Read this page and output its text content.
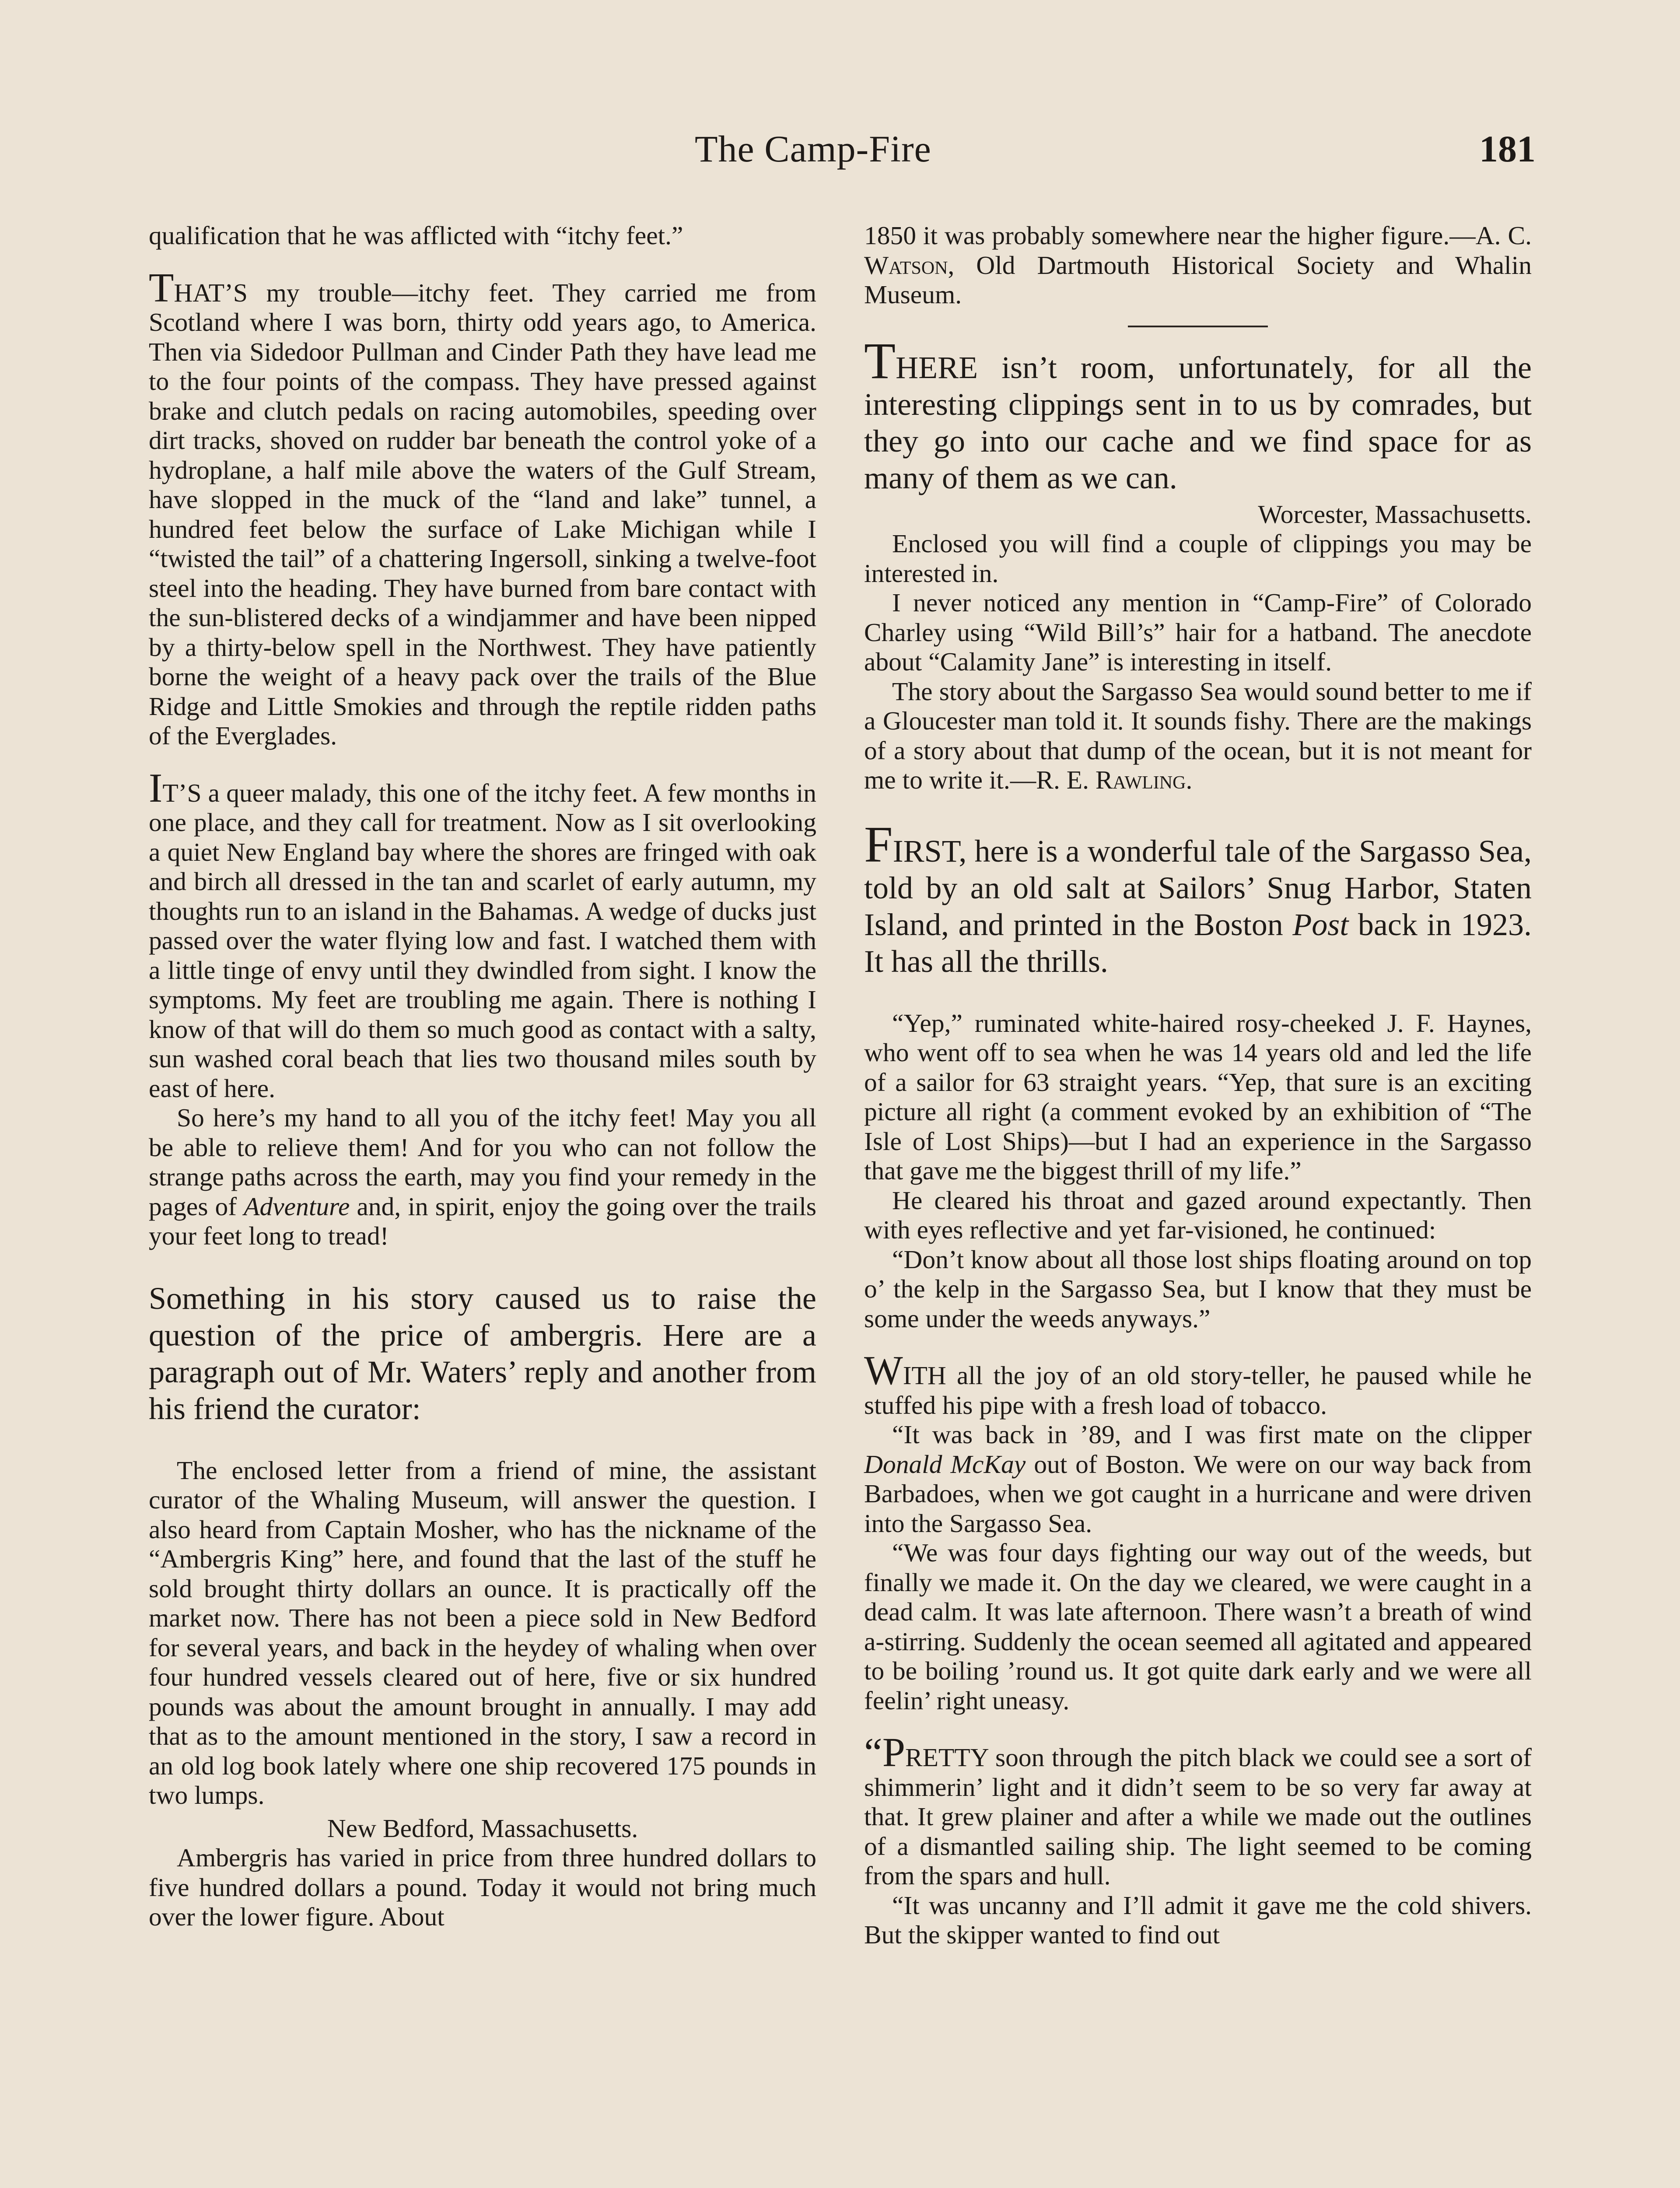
The Camp-Fire	181

qualification that he was afflicted with “itchy feet.”

THAT’S my trouble—itchy feet. They carried me from Scotland where I was born, thirty odd years ago, to America. Then via Sidedoor Pullman and Cinder Path they have lead me to the four points of the compass. They have pressed against brake and clutch pedals on racing automobiles, speeding over dirt tracks, shoved on rudder bar beneath the control yoke of a hydroplane, a half mile above the waters of the Gulf Stream, have slopped in the muck of the “land and lake” tunnel, a hundred feet below the surface of Lake Michigan while I “twisted the tail” of a chattering Ingersoll, sinking a twelve-foot steel into the heading. They have burned from bare contact with the sun-blistered decks of a windjammer and have been nipped by a thirty-below spell in the Northwest. They have patiently borne the weight of a heavy pack over the trails of the Blue Ridge and Little Smokies and through the reptile ridden paths of the Everglades.

IT’S a queer malady, this one of the itchy feet. A few months in one place, and they call for treatment. Now as I sit overlooking a quiet New England bay where the shores are fringed with oak and birch all dressed in the tan and scarlet of early autumn, my thoughts run to an island in the Bahamas. A wedge of ducks just passed over the water flying low and fast. I watched them with a little tinge of envy until they dwindled from sight. I know the symptoms. My feet are troubling me again. There is nothing I know of that will do them so much good as contact with a salty, sun washed coral beach that lies two thousand miles south by east of here.

So here’s my hand to all you of the itchy feet! May you all be able to relieve them! And for you who can not follow the strange paths across the earth, may you find your remedy in the pages of Adventure and, in spirit, enjoy the going over the trails your feet long to tread!

Something in his story caused us to raise the question of the price of ambergris. Here are a paragraph out of Mr. Waters’ reply and another from his friend the curator:

The enclosed letter from a friend of mine, the assistant curator of the Whaling Museum, will answer the question. I also heard from Captain Mosher, who has the nickname of the “Ambergris King” here, and found that the last of the stuff he sold brought thirty dollars an ounce. It is practically off the market now. There has not been a piece sold in New Bedford for several years, and back in the heydey of whaling when over four hundred vessels cleared out of here, five or six hundred pounds was about the amount brought in annually. I may add that as to the amount mentioned in the story, I saw a record in an old log book lately where one ship recovered 175 pounds in two lumps.

New Bedford, Massachusetts.

Ambergris has varied in price from three hundred dollars to five hundred dollars a pound. Today it would not bring much over the lower figure. About

1850 it was probably somewhere near the higher figure.—A. C. Watson, Old Dartmouth Historical Society and Whalin Museum.

THERE isn’t room, unfortunately, for all the interesting clippings sent in to us by comrades, but they go into our cache and we find space for as many of them as we can.

Worcester, Massachusetts.

Enclosed you will find a couple of clippings you may be interested in.

I never noticed any mention in “Camp-Fire” of Colorado Charley using “Wild Bill’s” hair for a hatband. The anecdote about “Calamity Jane” is interesting in itself.

The story about the Sargasso Sea would sound better to me if a Gloucester man told it. It sounds fishy. There are the makings of a story about that dump of the ocean, but it is not meant for me to write it.—R. E. Rawling.

FIRST, here is a wonderful tale of the Sargasso Sea, told by an old salt at Sailors’ Snug Harbor, Staten Island, and printed in the Boston Post back in 1923. It has all the thrills.

“Yep,” ruminated white-haired rosy-cheeked J. F. Haynes, who went off to sea when he was 14 years old and led the life of a sailor for 63 straight years. “Yep, that sure is an exciting picture all right (a comment evoked by an exhibition of “The Isle of Lost Ships)—but I had an experience in the Sargasso that gave me the biggest thrill of my life.”

He cleared his throat and gazed around expectantly. Then with eyes reflective and yet far-visioned, he continued:

“Don’t know about all those lost ships floating around on top o’ the kelp in the Sargasso Sea, but I know that they must be some under the weeds anyways.”

WITH all the joy of an old story-teller, he paused while he stuffed his pipe with a fresh load of tobacco.

“It was back in ’89, and I was first mate on the clipper Donald McKay out of Boston. We were on our way back from Barbadoes, when we got caught in a hurricane and were driven into the Sargasso Sea.

“We was four days fighting our way out of the weeds, but finally we made it. On the day we cleared, we were caught in a dead calm. It was late afternoon. There wasn’t a breath of wind a-stirring. Suddenly the ocean seemed all agitated and appeared to be boiling ’round us. It got quite dark early and we were all feelin’ right uneasy.

“PRETTY soon through the pitch black we could see a sort of shimmerin’ light and it didn’t seem to be so very far away at that. It grew plainer and after a while we made out the outlines of a dismantled sailing ship. The light seemed to be coming from the spars and hull.

“It was uncanny and I’ll admit it gave me the cold shivers. But the skipper wanted to find out
